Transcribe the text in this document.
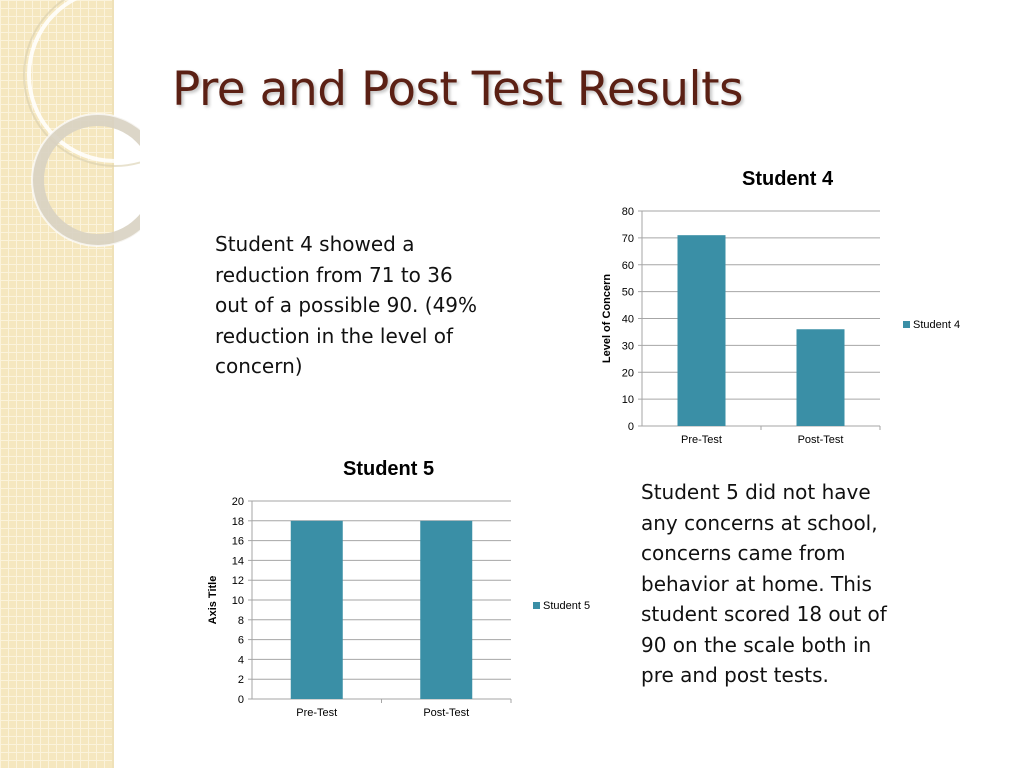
Pre and Post Test Results

Student 4 showed a reduction from 71 to 36 out of a possible 90. (49% reduction in the level of concern)

Student 5 did not have any concerns at school, concerns came from behavior at home. This student scored 18 out of 90 on the scale both in pre and post tests.

Student 4
0
10
20
30
40
50
60
70
80
Pre-Test	Post-Test
Level of Concern	Student 4
Student 5
0
2
4
6
8
10
12
14
16
18
20
Pre-Test	Post-Test
Axis Title	Student 5
